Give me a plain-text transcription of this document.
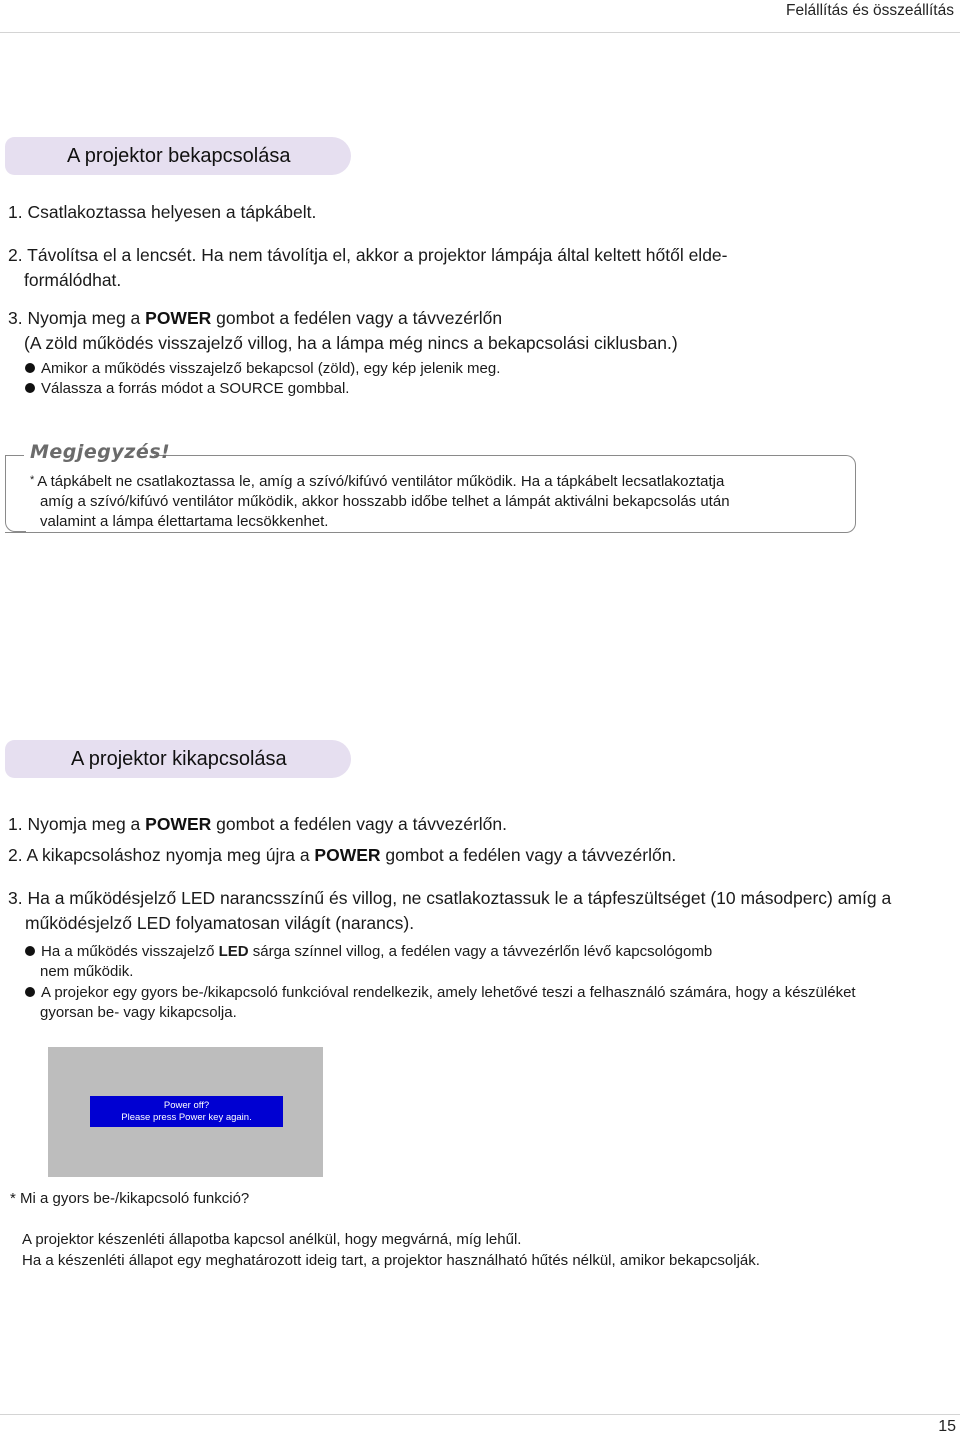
Felállítás és összeállítás
A projektor bekapcsolása
1. Csatlakoztassa helyesen a tápkábelt.
2. Távolítsa el a lencsét. Ha nem távolítja el, akkor a projektor lámpája által keltett hőtől elde-
formálódhat.
3. Nyomja meg a POWER gombot a fedélen vagy a távvezérlőn
(A zöld működés visszajelző villog, ha a lámpa még nincs a bekapcsolási ciklusban.)
Amikor a működés visszajelző bekapcsol (zöld), egy kép jelenik meg.
Válassza a forrás módot a SOURCE gombbal.
Megjegyzés!
* A tápkábelt ne csatlakoztassa le, amíg a szívó/kifúvó ventilátor működik. Ha a tápkábelt lecsatlakoztatja
amíg a szívó/kifúvó ventilátor működik, akkor hosszabb időbe telhet a lámpát aktiválni bekapcsolás után
valamint a lámpa élettartama lecsökkenhet.
A projektor kikapcsolása
1. Nyomja meg a POWER gombot a fedélen vagy a távvezérlőn.
2. A kikapcsoláshoz nyomja meg újra a POWER gombot a fedélen vagy a távvezérlőn.
3. Ha a működésjelző LED narancsszínű és villog, ne csatlakoztassuk le a tápfeszültséget (10 másodperc) amíg a
működésjelző LED folyamatosan világít (narancs).
Ha a működés visszajelző LED sárga színnel villog, a fedélen vagy a távvezérlőn lévő kapcsológomb
nem működik.
A projekor egy gyors be-/kikapcsoló funkcióval rendelkezik, amely lehetővé teszi a felhasználó számára, hogy a készüléket
gyorsan be- vagy kikapcsolja.
Power off?
Please press Power key again.
* Mi a gyors be-/kikapcsoló funkció?
A projektor készenléti állapotba kapcsol anélkül, hogy megvárná, míg lehűl.
Ha a készenléti állapot egy meghatározott ideig tart, a projektor használható hűtés nélkül, amikor bekapcsolják.
15
